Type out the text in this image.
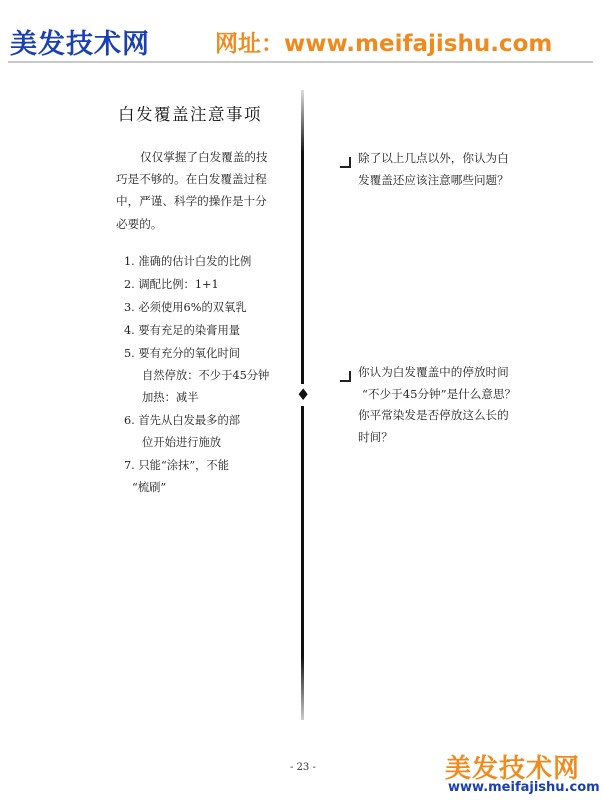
美发技术网	网址：www.meifajishu.com
♦
白发覆盖注意事项
仅仅掌握了白发覆盖的技
巧是不够的。在白发覆盖过程
中，严谨、科学的操作是十分
必要的。
1. 准确的估计白发的比例
2. 调配比例：1+1
3. 必须使用6%的双氧乳
4. 要有充足的染膏用量
5. 要有充分的氧化时间
自然停放：不少于45分钟
加热：减半
6. 首先从白发最多的部
位开始进行施放
7. 只能“涂抹”，不能
“梳刷”
除了以上几点以外，你认为白
发覆盖还应该注意哪些问题？
你认为白发覆盖中的停放时间
“不少于45分钟”是什么意思？
你平常染发是否停放这么长的
时间？
- 23 -	美发技术网
www.meifajishu.com
